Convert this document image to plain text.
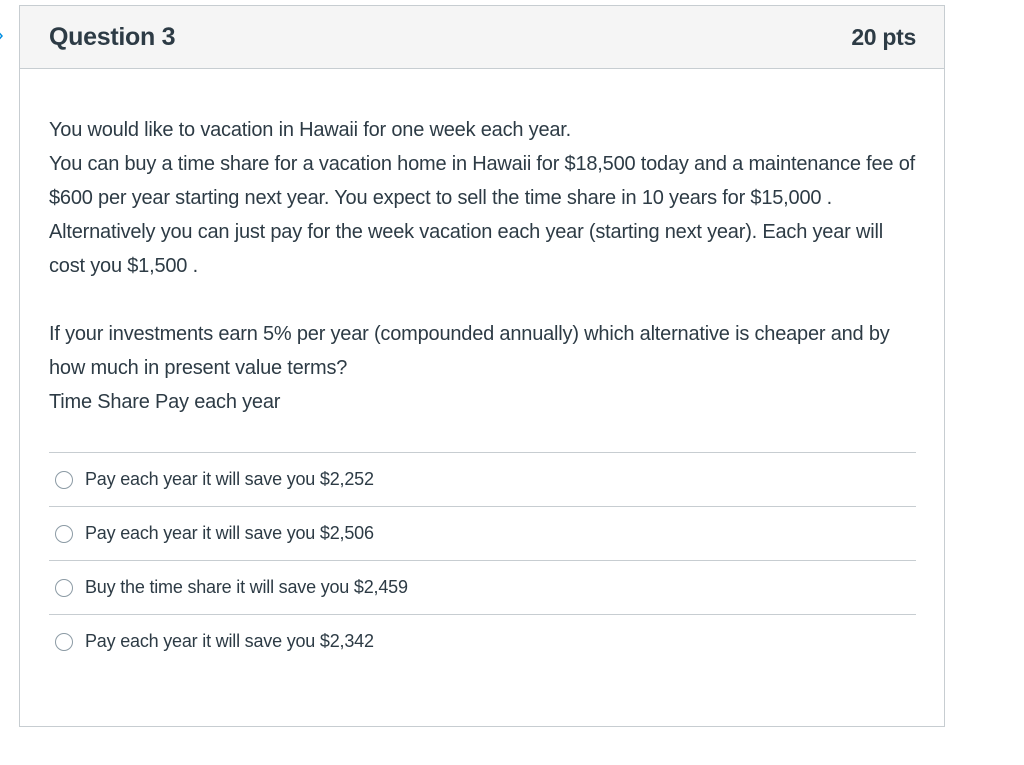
Question 3	20 pts

You would like to vacation in Hawaii for one week each year.

You can buy a time share for a vacation home in Hawaii for $18,500 today and a maintenance fee of $600 per year starting next year. You expect to sell the time share in 10 years for $15,000 .

Alternatively you can just pay for the week vacation each year (starting next year). Each year will cost you $1,500 .

If your investments earn 5% per year (compounded annually) which alternative is cheaper and by how much in present value terms?

Time Share Pay each year

Pay each year it will save you $2,252
Pay each year it will save you $2,506
Buy the time share it will save you $2,459
Pay each year it will save you $2,342
